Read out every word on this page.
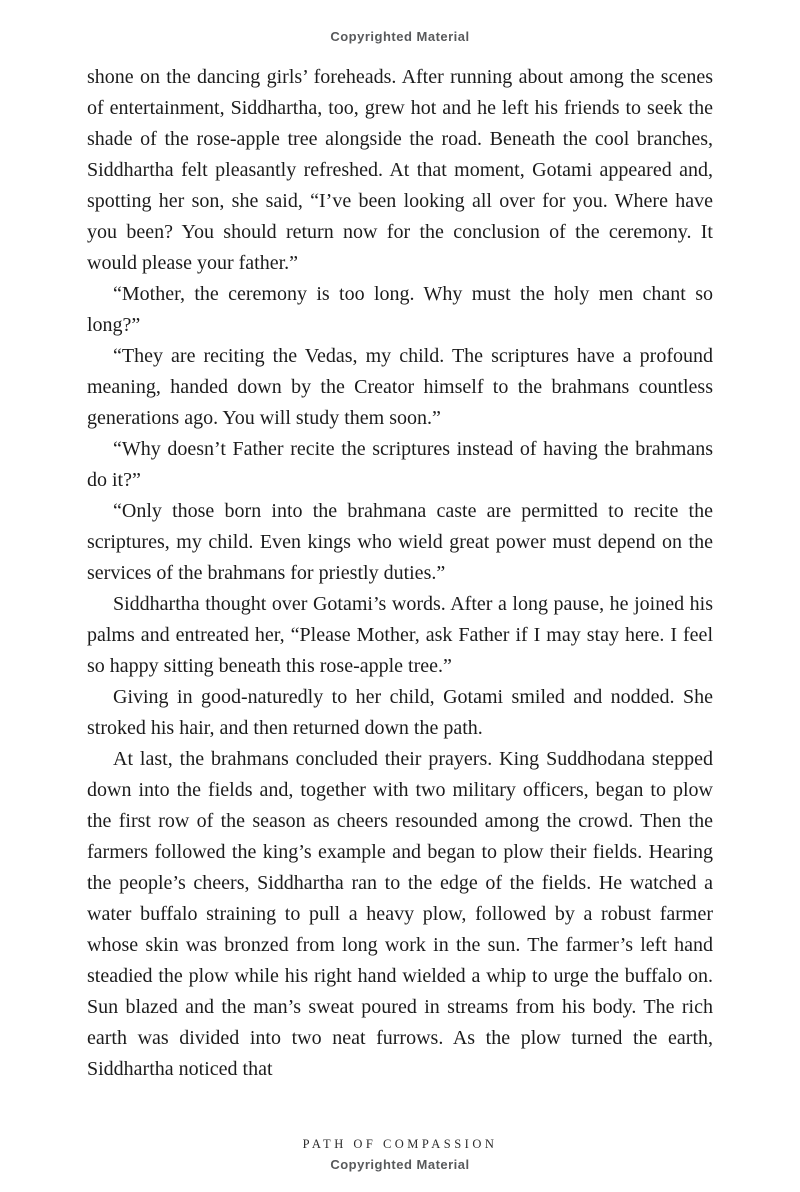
Copyrighted Material

shone on the dancing girls’ foreheads. After running about among the scenes of entertainment, Siddhartha, too, grew hot and he left his friends to seek the shade of the rose-apple tree alongside the road. Beneath the cool branches, Siddhartha felt pleasantly refreshed. At that moment, Gotami appeared and, spotting her son, she said, “I’ve been looking all over for you. Where have you been? You should return now for the conclusion of the ceremony. It would please your father.”

“Mother, the ceremony is too long. Why must the holy men chant so long?”

“They are reciting the Vedas, my child. The scriptures have a profound meaning, handed down by the Creator himself to the brahmans countless generations ago. You will study them soon.”

“Why doesn’t Father recite the scriptures instead of having the brahmans do it?”

“Only those born into the brahmana caste are permitted to recite the scriptures, my child. Even kings who wield great power must depend on the services of the brahmans for priestly duties.”

Siddhartha thought over Gotami’s words. After a long pause, he joined his palms and entreated her, “Please Mother, ask Father if I may stay here. I feel so happy sitting beneath this rose-apple tree.”

Giving in good-naturedly to her child, Gotami smiled and nodded. She stroked his hair, and then returned down the path.

At last, the brahmans concluded their prayers. King Suddhodana stepped down into the fields and, together with two military officers, began to plow the first row of the season as cheers resounded among the crowd. Then the farmers followed the king’s example and began to plow their fields. Hearing the people’s cheers, Siddhartha ran to the edge of the fields. He watched a water buffalo straining to pull a heavy plow, followed by a robust farmer whose skin was bronzed from long work in the sun. The farmer’s left hand steadied the plow while his right hand wielded a whip to urge the buffalo on. Sun blazed and the man’s sweat poured in streams from his body. The rich earth was divided into two neat furrows. As the plow turned the earth, Siddhartha noticed that

PATH OF COMPASSION
Copyrighted Material
